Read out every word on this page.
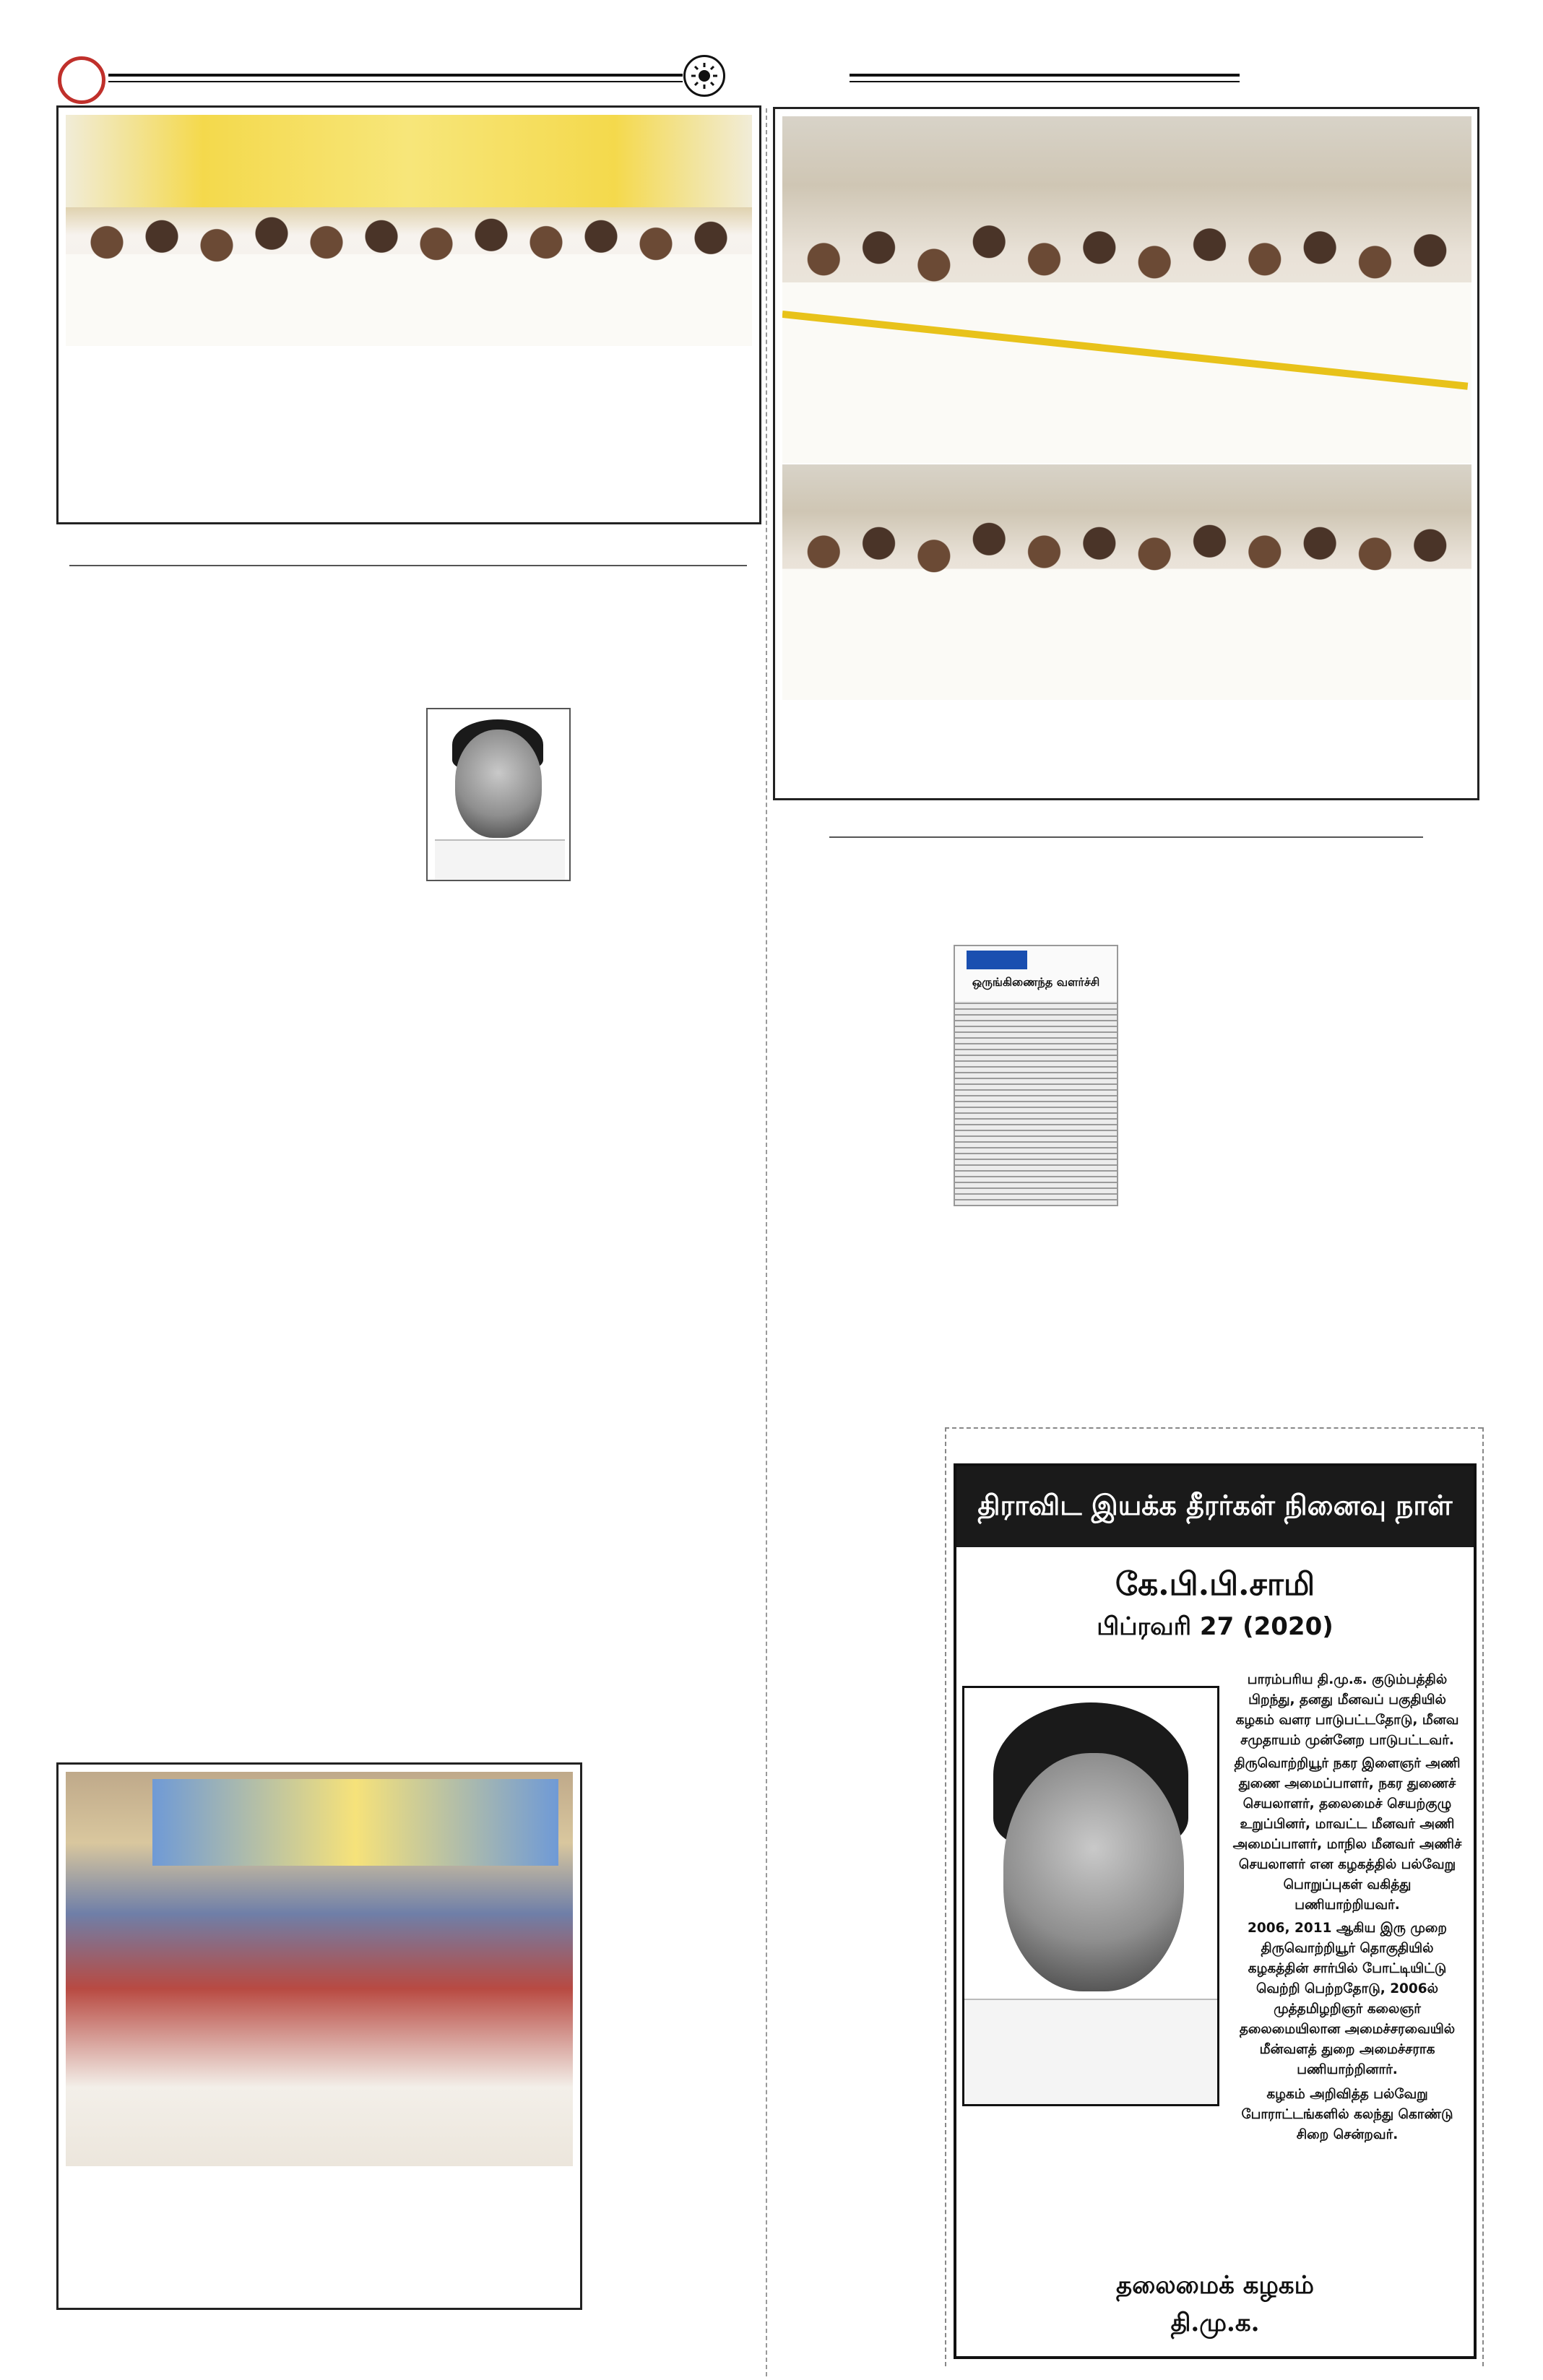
ஒருங்கிணைந்த வளர்ச்சி
திராவிட இயக்க தீரர்கள் நினைவு நாள்
கே.பி.பி.சாமி
பிப்ரவரி 27 (2020)

பாரம்பரிய தி.மு.க. குடும்பத்தில் பிறந்து, தனது மீனவப் பகுதியில் கழகம் வளர பாடுபட்டதோடு, மீனவ சமுதாயம் முன்னேற பாடுபட்டவர்.

திருவொற்றியூர் நகர இளைஞர் அணி துணை அமைப்பாளர், நகர துணைச் செயலாளர், தலைமைச் செயற்குழு உறுப்பினர், மாவட்ட மீனவர் அணி அமைப்பாளர், மாநில மீனவர் அணிச் செயலாளர் என கழகத்தில் பல்வேறு பொறுப்புகள் வகித்து பணியாற்றியவர்.

2006, 2011 ஆகிய இரு முறை திருவொற்றியூர் தொகுதியில் கழகத்தின் சார்பில் போட்டியிட்டு வெற்றி பெற்றதோடு, 2006ல் முத்தமிழறிஞர் கலைஞர் தலைமையிலான அமைச்சரவையில் மீன்வளத் துறை அமைச்சராக பணியாற்றினார்.

கழகம் அறிவித்த பல்வேறு போராட்டங்களில் கலந்து கொண்டு சிறை சென்றவர்.

தலைமைக் கழகம்
தி.மு.க.
